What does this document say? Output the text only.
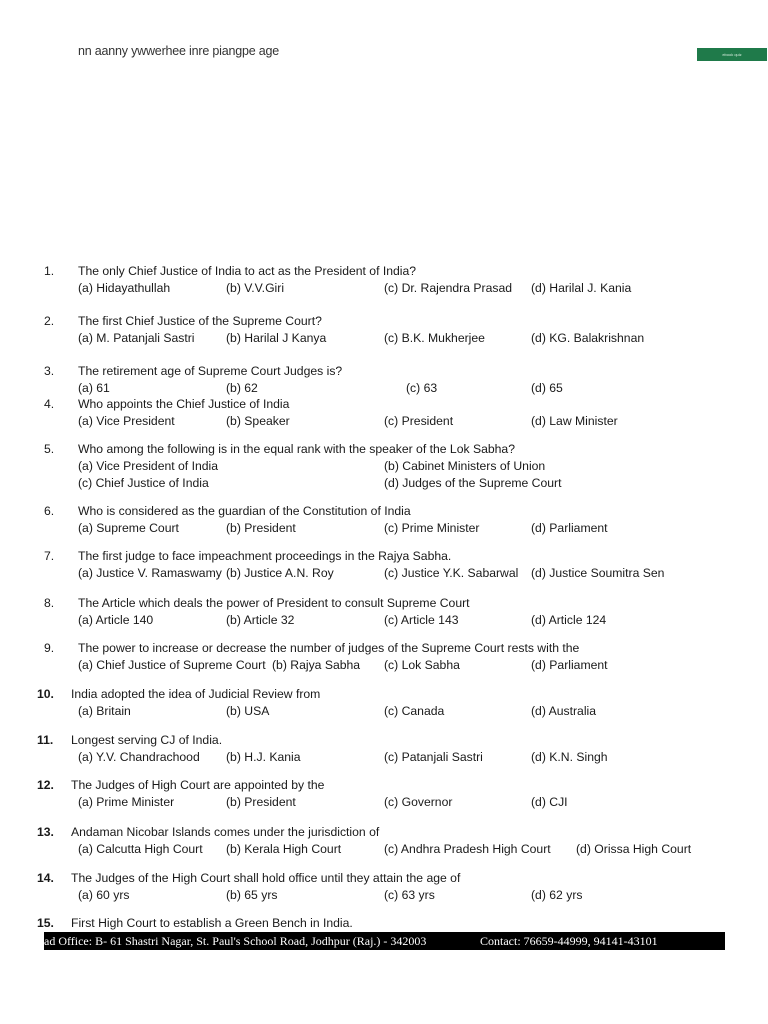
nn aanny ywwerhee inre piangpe age	ebook quiz
1. The only Chief Justice of India to act as the President of India?
(a) Hidayathullah	(b) V.V.Giri	(c) Dr. Rajendra Prasad (d) Harilal J. Kania
2. The first Chief Justice of the Supreme Court?
(a) M. Patanjali Sastri	(b) Harilal J Kanya	(c) B.K. Mukherjee	(d) KG. Balakrishnan
3. The retirement age of Supreme Court Judges is?
(a) 61	(b) 62	(c) 63	(d) 65
4. Who appoints the Chief Justice of India
(a) Vice President	(b) Speaker	(c) President	(d) Law Minister
5. Who among the following is in the equal rank with the speaker of the Lok Sabha?
(a) Vice President of India	(b) Cabinet Ministers of Union
(c) Chief Justice of India	(d) Judges of the Supreme Court
6. Who is considered as the guardian of the Constitution of India
(a) Supreme Court	(b) President	(c) Prime Minister	(d) Parliament
7. The first judge to face impeachment proceedings in the Rajya Sabha.
(a) Justice V. Ramaswamy (b) Justice A.N. Roy	(c) Justice Y.K. Sabarwal (d) Justice Soumitra Sen
8. The Article which deals the power of President to consult Supreme Court
(a) Article 140	(b) Article 32	(c) Article 143	(d) Article 124
9. The power to increase or decrease the number of judges of the Supreme Court rests with the
(a) Chief Justice of Supreme Court (b) Rajya Sabha (c) Lok Sabha	(d) Parliament
10. India adopted the idea of Judicial Review from
(a) Britain	(b) USA	(c) Canada	(d) Australia
11. Longest serving CJ of India.
(a) Y.V. Chandrachood (b) H.J. Kania	(c) Patanjali Sastri	(d) K.N. Singh
12. The Judges of High Court are appointed by the
(a) Prime Minister	(b) President	(c) Governor	(d) CJI
13. Andaman Nicobar Islands comes under the jurisdiction of
(a) Calcutta High Court (b) Kerala High Court	(c) Andhra Pradesh High Court (d) Orissa High Court
14. The Judges of the High Court shall hold office until they attain the age of
(a) 60 yrs	(b) 65 yrs	(c) 63 yrs	(d) 62 yrs
15. First High Court to establish a Green Bench in India.
ad Office: B- 61 Shastri Nagar, St. Paul's School Road, Jodhpur (Raj.) - 342003	Contact: 76659-44999, 94141-43101
